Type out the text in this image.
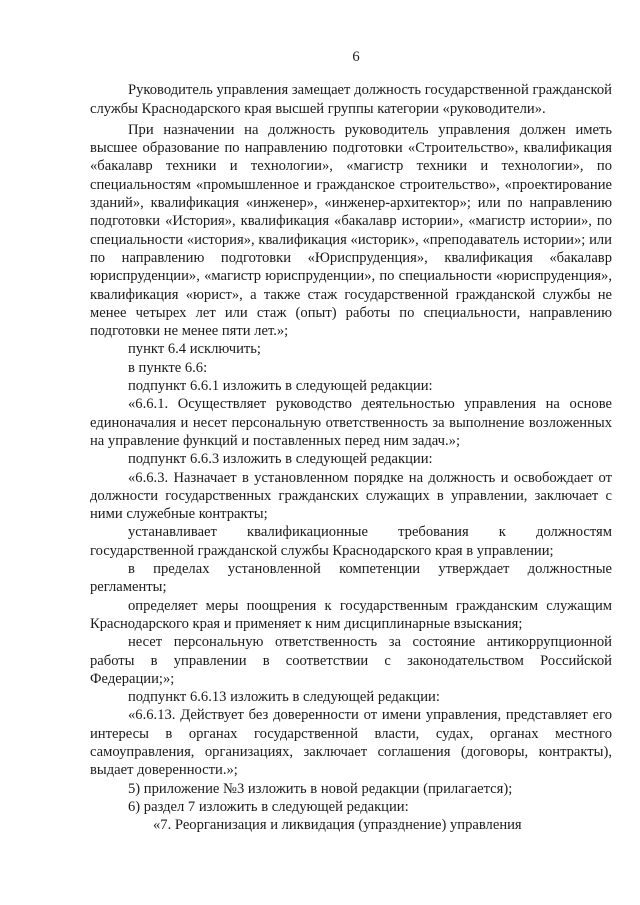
6

Руководитель управления замещает должность государственной гражданской службы Краснодарского края высшей группы категории «руководители».

При назначении на должность руководитель управления должен иметь высшее образование по направлению подготовки «Строительство», квалификация «бакалавр техники и технологии», «магистр техники и технологии», по специальностям «промышленное и гражданское строительство», «проектирование зданий», квалификация «инженер», «инженер-архитектор»; или по направлению подготовки «История», квалификация «бакалавр истории», «магистр истории», по специальности «история», квалификация «историк», «преподаватель истории»; или по направлению подготовки «Юриспруденция», квалификация «бакалавр юриспруденции», «магистр юриспруденции», по специальности «юриспруденция», квалификация «юрист», а также стаж государственной гражданской службы не менее четырех лет или стаж (опыт) работы по специальности, направлению подготовки не менее пяти лет.»;

пункт 6.4 исключить;

в пункте 6.6:

подпункт 6.6.1 изложить в следующей редакции:

«6.6.1. Осуществляет руководство деятельностью управления на основе единоначалия и несет персональную ответственность за выполнение возложенных на управление функций и поставленных перед ним задач.»;

подпункт 6.6.3 изложить в следующей редакции:

«6.6.3. Назначает в установленном порядке на должность и освобождает от должности государственных гражданских служащих в управлении, заключает с ними служебные контракты;

устанавливает квалификационные требования к должностям государственной гражданской службы Краснодарского края в управлении;

в пределах установленной компетенции утверждает должностные регламенты;

определяет меры поощрения к государственным гражданским служащим Краснодарского края и применяет к ним дисциплинарные взыскания;

несет персональную ответственность за состояние антикоррупционной работы в управлении в соответствии с законодательством Российской Федерации;»;

подпункт 6.6.13 изложить в следующей редакции:

«6.6.13. Действует без доверенности от имени управления, представляет его интересы в органах государственной власти, судах, органах местного самоуправления, организациях, заключает соглашения (договоры, контракты), выдает доверенности.»;

5) приложение №3 изложить в новой редакции (прилагается);

6) раздел 7 изложить в следующей редакции:

«7. Реорганизация и ликвидация (упразднение) управления
